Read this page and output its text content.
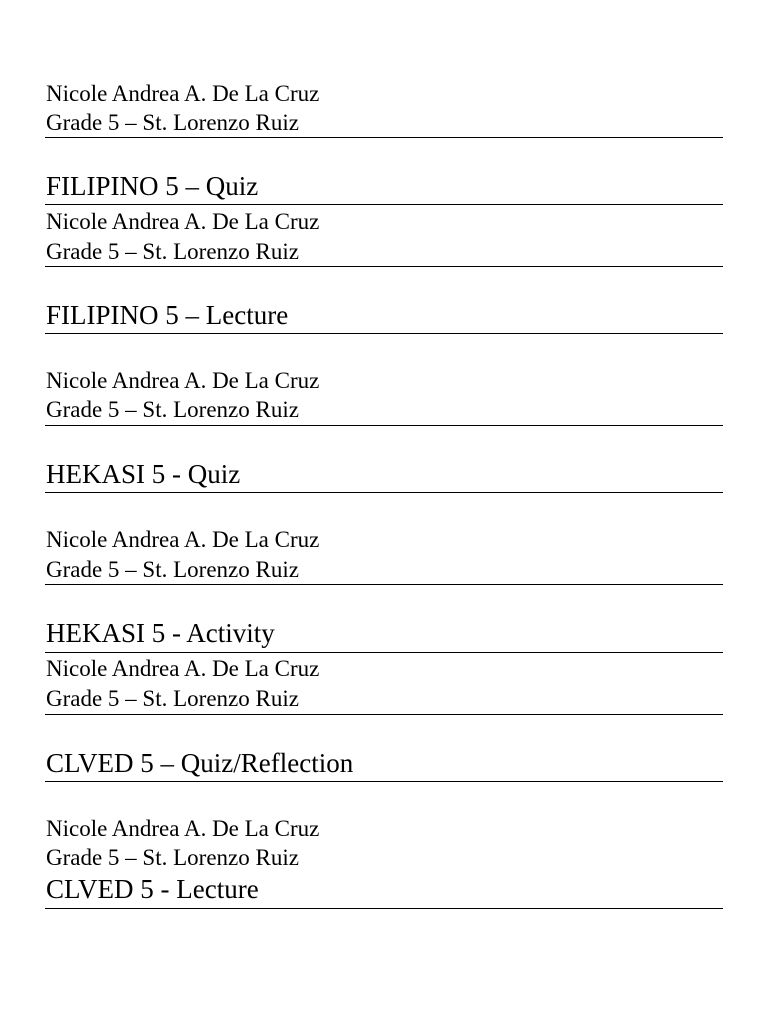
Nicole Andrea A. De La Cruz
Grade 5 – St. Lorenzo Ruiz
FILIPINO 5 – Quiz
Nicole Andrea A. De La Cruz
Grade 5 – St. Lorenzo Ruiz
FILIPINO 5 – Lecture
Nicole Andrea A. De La Cruz
Grade 5 – St. Lorenzo Ruiz
HEKASI 5 - Quiz
Nicole Andrea A. De La Cruz
Grade 5 – St. Lorenzo Ruiz
HEKASI 5 - Activity
Nicole Andrea A. De La Cruz
Grade 5 – St. Lorenzo Ruiz
CLVED 5 – Quiz/Reflection
Nicole Andrea A. De La Cruz
Grade 5 – St. Lorenzo Ruiz
CLVED 5 - Lecture
